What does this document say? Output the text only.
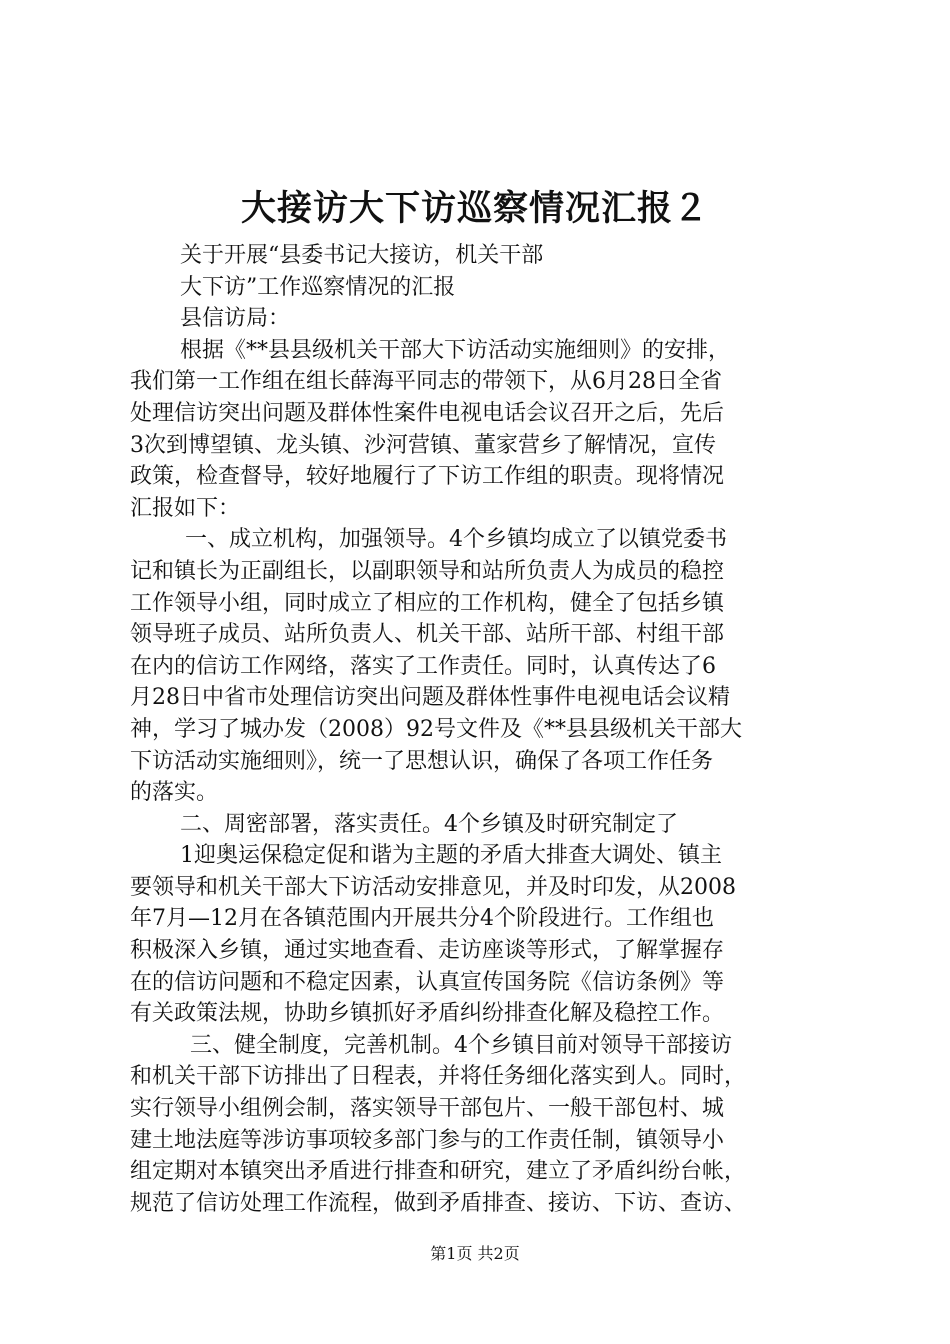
大接访大下访巡察情况汇报２
关于开展“县委书记大接访，机关干部
大下访”工作巡察情况的汇报
县信访局：
根据《**县县级机关干部大下访活动实施细则》的安排，
我们第一工作组在组长薛海平同志的带领下，从6月28日全省
处理信访突出问题及群体性案件电视电话会议召开之后，先后
3次到博望镇、龙头镇、沙河营镇、董家营乡了解情况，宣传
政策，检查督导，较好地履行了下访工作组的职责。现将情况
汇报如下：
一、成立机构，加强领导。4个乡镇均成立了以镇党委书
记和镇长为正副组长，以副职领导和站所负责人为成员的稳控
工作领导小组，同时成立了相应的工作机构，健全了包括乡镇
领导班子成员、站所负责人、机关干部、站所干部、村组干部
在内的信访工作网络，落实了工作责任。同时，认真传达了6
月28日中省市处理信访突出问题及群体性事件电视电话会议精
神，学习了城办发（2008）92号文件及《**县县级机关干部大
下访活动实施细则》，统一了思想认识，确保了各项工作任务
的落实。
二、周密部署，落实责任。4个乡镇及时研究制定了
1迎奥运保稳定促和谐为主题的矛盾大排查大调处、镇主
要领导和机关干部大下访活动安排意见，并及时印发，从2008
年7月—12月在各镇范围内开展共分4个阶段进行。工作组也
积极深入乡镇，通过实地查看、走访座谈等形式，了解掌握存
在的信访问题和不稳定因素，认真宣传国务院《信访条例》等
有关政策法规，协助乡镇抓好矛盾纠纷排查化解及稳控工作。
三、健全制度，完善机制。4个乡镇目前对领导干部接访
和机关干部下访排出了日程表，并将任务细化落实到人。同时，
实行领导小组例会制，落实领导干部包片、一般干部包村、城
建土地法庭等涉访事项较多部门参与的工作责任制，镇领导小
组定期对本镇突出矛盾进行排查和研究，建立了矛盾纠纷台帐，
规范了信访处理工作流程，做到矛盾排查、接访、下访、查访、
第1页 共2页
